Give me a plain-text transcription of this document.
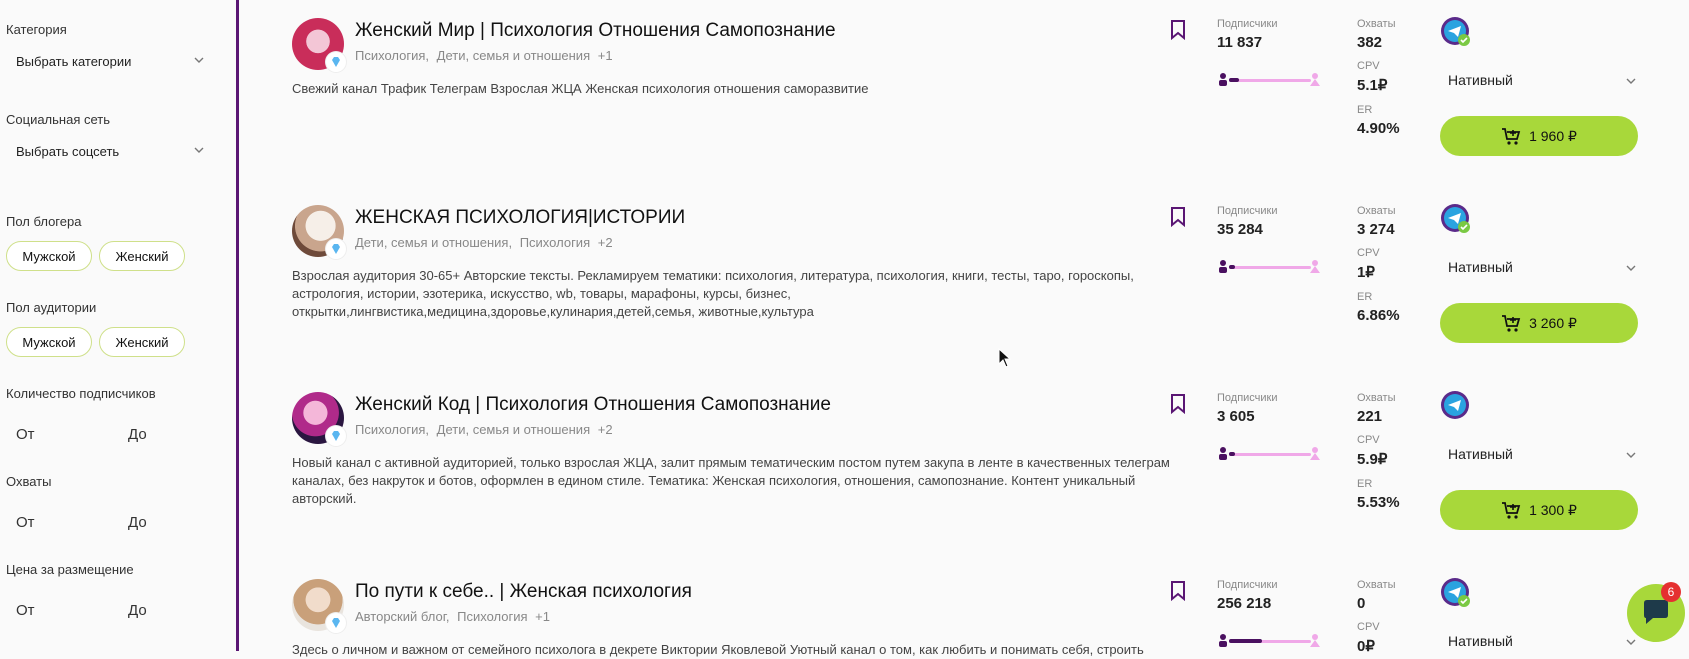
Категория
Выбрать категории
Социальная сеть
Выбрать соцсеть
Пол блогера
Мужской	Женский
Пол аудитории
Мужской	Женский
Количество подписчиков
От	До
Охваты
От	До
Цена за размещение
От	До
Женский Мир | Психология Отношения Самопознание
Психология, Дети, семья и отношения +1
Свежий канал Трафик Телеграм Взрослая ЖЦА Женская психология отношения саморазвитие
Подписчики
11 837
Охваты
382
CPV
5.1₽
ER
4.90%
Нативный
1 960 ₽
ЖЕНСКАЯ ПСИХОЛОГИЯ|ИСТОРИИ
Дети, семья и отношения, Психология +2
Взрослая аудитория 30-65+ Авторские тексты. Рекламируем тематики: психология, литература, психология, книги, тесты, таро, гороскопы, астрология, истории, эзотерика, искусство, wb, товары, марафоны, курсы, бизнес, открытки,лингвистика,медицина,здоровье,кулинария,детей,семья, животные,культура
Подписчики
35 284
Охваты
3 274
CPV
1₽
ER
6.86%
Нативный
3 260 ₽
Женский Код | Психология Отношения Самопознание
Психология, Дети, семья и отношения +2
Новый канал с активной аудиторией, только взрослая ЖЦА, залит прямым тематическим постом путем закупа в ленте в качественных телеграм каналах, без накруток и ботов, оформлен в едином стиле. Тематика: Женская психология, отношения, самопознание. Контент уникальный авторский.
Подписчики
3 605
Охваты
221
CPV
5.9₽
ER
5.53%
Нативный
1 300 ₽
По пути к себе.. | Женская психология
Авторский блог, Психология +1
Здесь о личном и важном от семейного психолога в декрете Виктории Яковлевой Уютный канал о том, как любить и понимать себя, строить
Подписчики
256 218
Охваты
0
CPV
0₽	Нативный
6
